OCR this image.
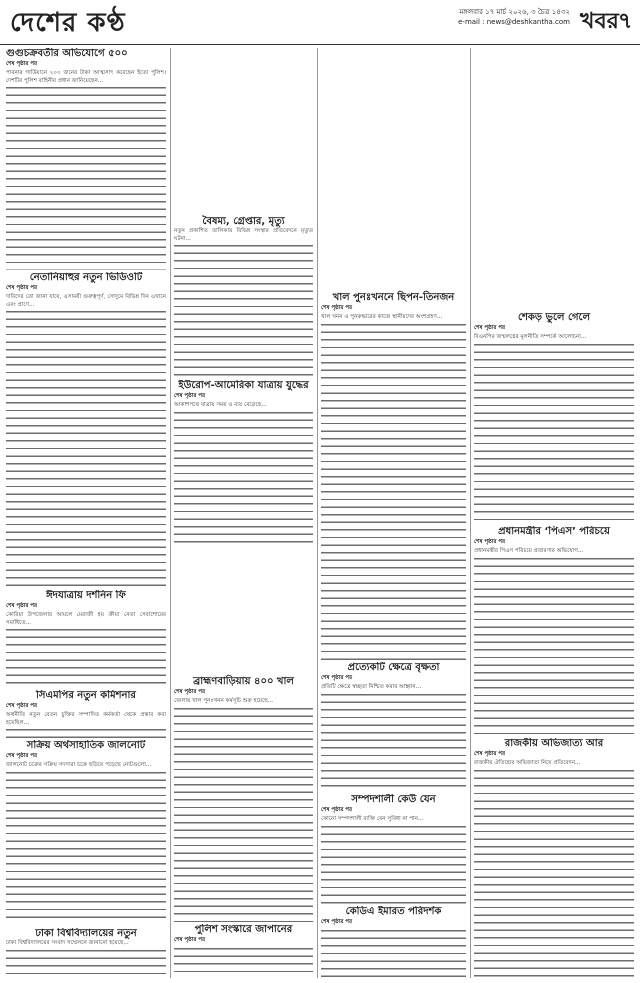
দেশের কণ্ঠ	মঙ্গলবার ১৭ মার্চ ২০২৬, ৩ চৈত্র ১৪৩২
e-mail : news@deshkantha.com খবর ৭
গুগুচক্রবর্তীর অভিযোগে ৫০০
শেষ পৃষ্ঠার পর
পাবনার গার্ডিয়ানে ২০০ জনের টাকা আত্মসাৎ করেছেন ইতো পুলিশ। দেশটির পুলিশ বাহিনীর প্রধান জানিয়েছেন...
নেতানিয়াহুর নতুন ভিডিওটি
শেষ পৃষ্ঠার পর
দাবিদের তো জানা যায়ে, এসাময়ী গুরুত্বপূর্ণ, সোদুমে বিভিন্ন দিন এখানে এবং প্রাণে...
ঈদযাত্রায় দর্শনিন ফি
শেষ পৃষ্ঠার পর
কোরিয়া উপজেলার আমলে মেরাজী হয় ক্রীয়া নেতা সেবাশোরের সমাধিতে...
সিএমপির নতুন কমিশনার
শেষ পৃষ্ঠার পর
অর্থনীতি নতুন বেতন চুক্তির সম্পাদিত কর্মকর্তা থেকে প্রস্তাব করা হয়েছিল...
সক্রিয় অর্থসাহাতিক জালনোট
শেষ পৃষ্ঠার পর
জালনোট চক্রের সক্রিয় সদস্যরা চক্রে ছড়িয়ে পড়েছে নোটগুলো...
ঢাকা বিশ্ববিদ্যালয়ের নতুন
ঢাকা বিশ্ববিদ্যালয়ের সংবাদ সম্মেলনে জানানো হয়েছে...
বৈষম্য, গ্রেপ্তার, মৃত্যু
নতুন প্রকাশিত তালিকায় বিভিন্ন সংস্থার প্রতিবেদনে মৃত্যুর ঘটনা...
ইউরোপ-আমেরিকা যাত্রায় যুদ্ধের
শেষ পৃষ্ঠার পর
আকাশপথে যাত্রায় সময় ও ব্যয় বেড়েছে...
ব্রাহ্মণবাড়িয়ায় ৪০০ খাল
শেষ পৃষ্ঠার পর
জেলায় খাল পুনঃখনন কর্মসূচি শুরু হয়েছে...
পুলিশ সংস্কারে জাপানের
শেষ পৃষ্ঠার পর
খাল পুনঃখননে ছিপন-তিনজন
শেষ পৃষ্ঠার পর
খাল খনন ও পুনরুদ্ধারের কাজে স্থানীয়দের অংশগ্রহণ...
প্রত্যেকটি ক্ষেত্রে বৃক্ষতা
শেষ পৃষ্ঠার পর
প্রতিটি ক্ষেত্রে স্বচ্ছতা নিশ্চিত করার আহ্বান...
সম্পদশালী কেউ যেন
শেষ পৃষ্ঠার পর
কোনো সম্পদশালী ব্যক্তি যেন সুবিধা না পান...
কেডিএ ইমারত পরিদর্শক
শেষ পৃষ্ঠার পর
শেকড় ভুলে গেলে
শেষ পৃষ্ঠার পর
বিএনপির জন্মলগ্নের মূলনীতি সম্পর্কে আলোচনা...
প্রধানমন্ত্রীর ‘পিএস’ পরিচয়ে
শেষ পৃষ্ঠার পর
প্রধানমন্ত্রীর পিএস পরিচয়ে প্রতারণার অভিযোগ...
রাজকীয় অভিজাত্য আর
শেষ পৃষ্ঠার পর
রাজকীয় ঐতিহ্যের অভিজাত্য নিয়ে প্রতিবেদন...
